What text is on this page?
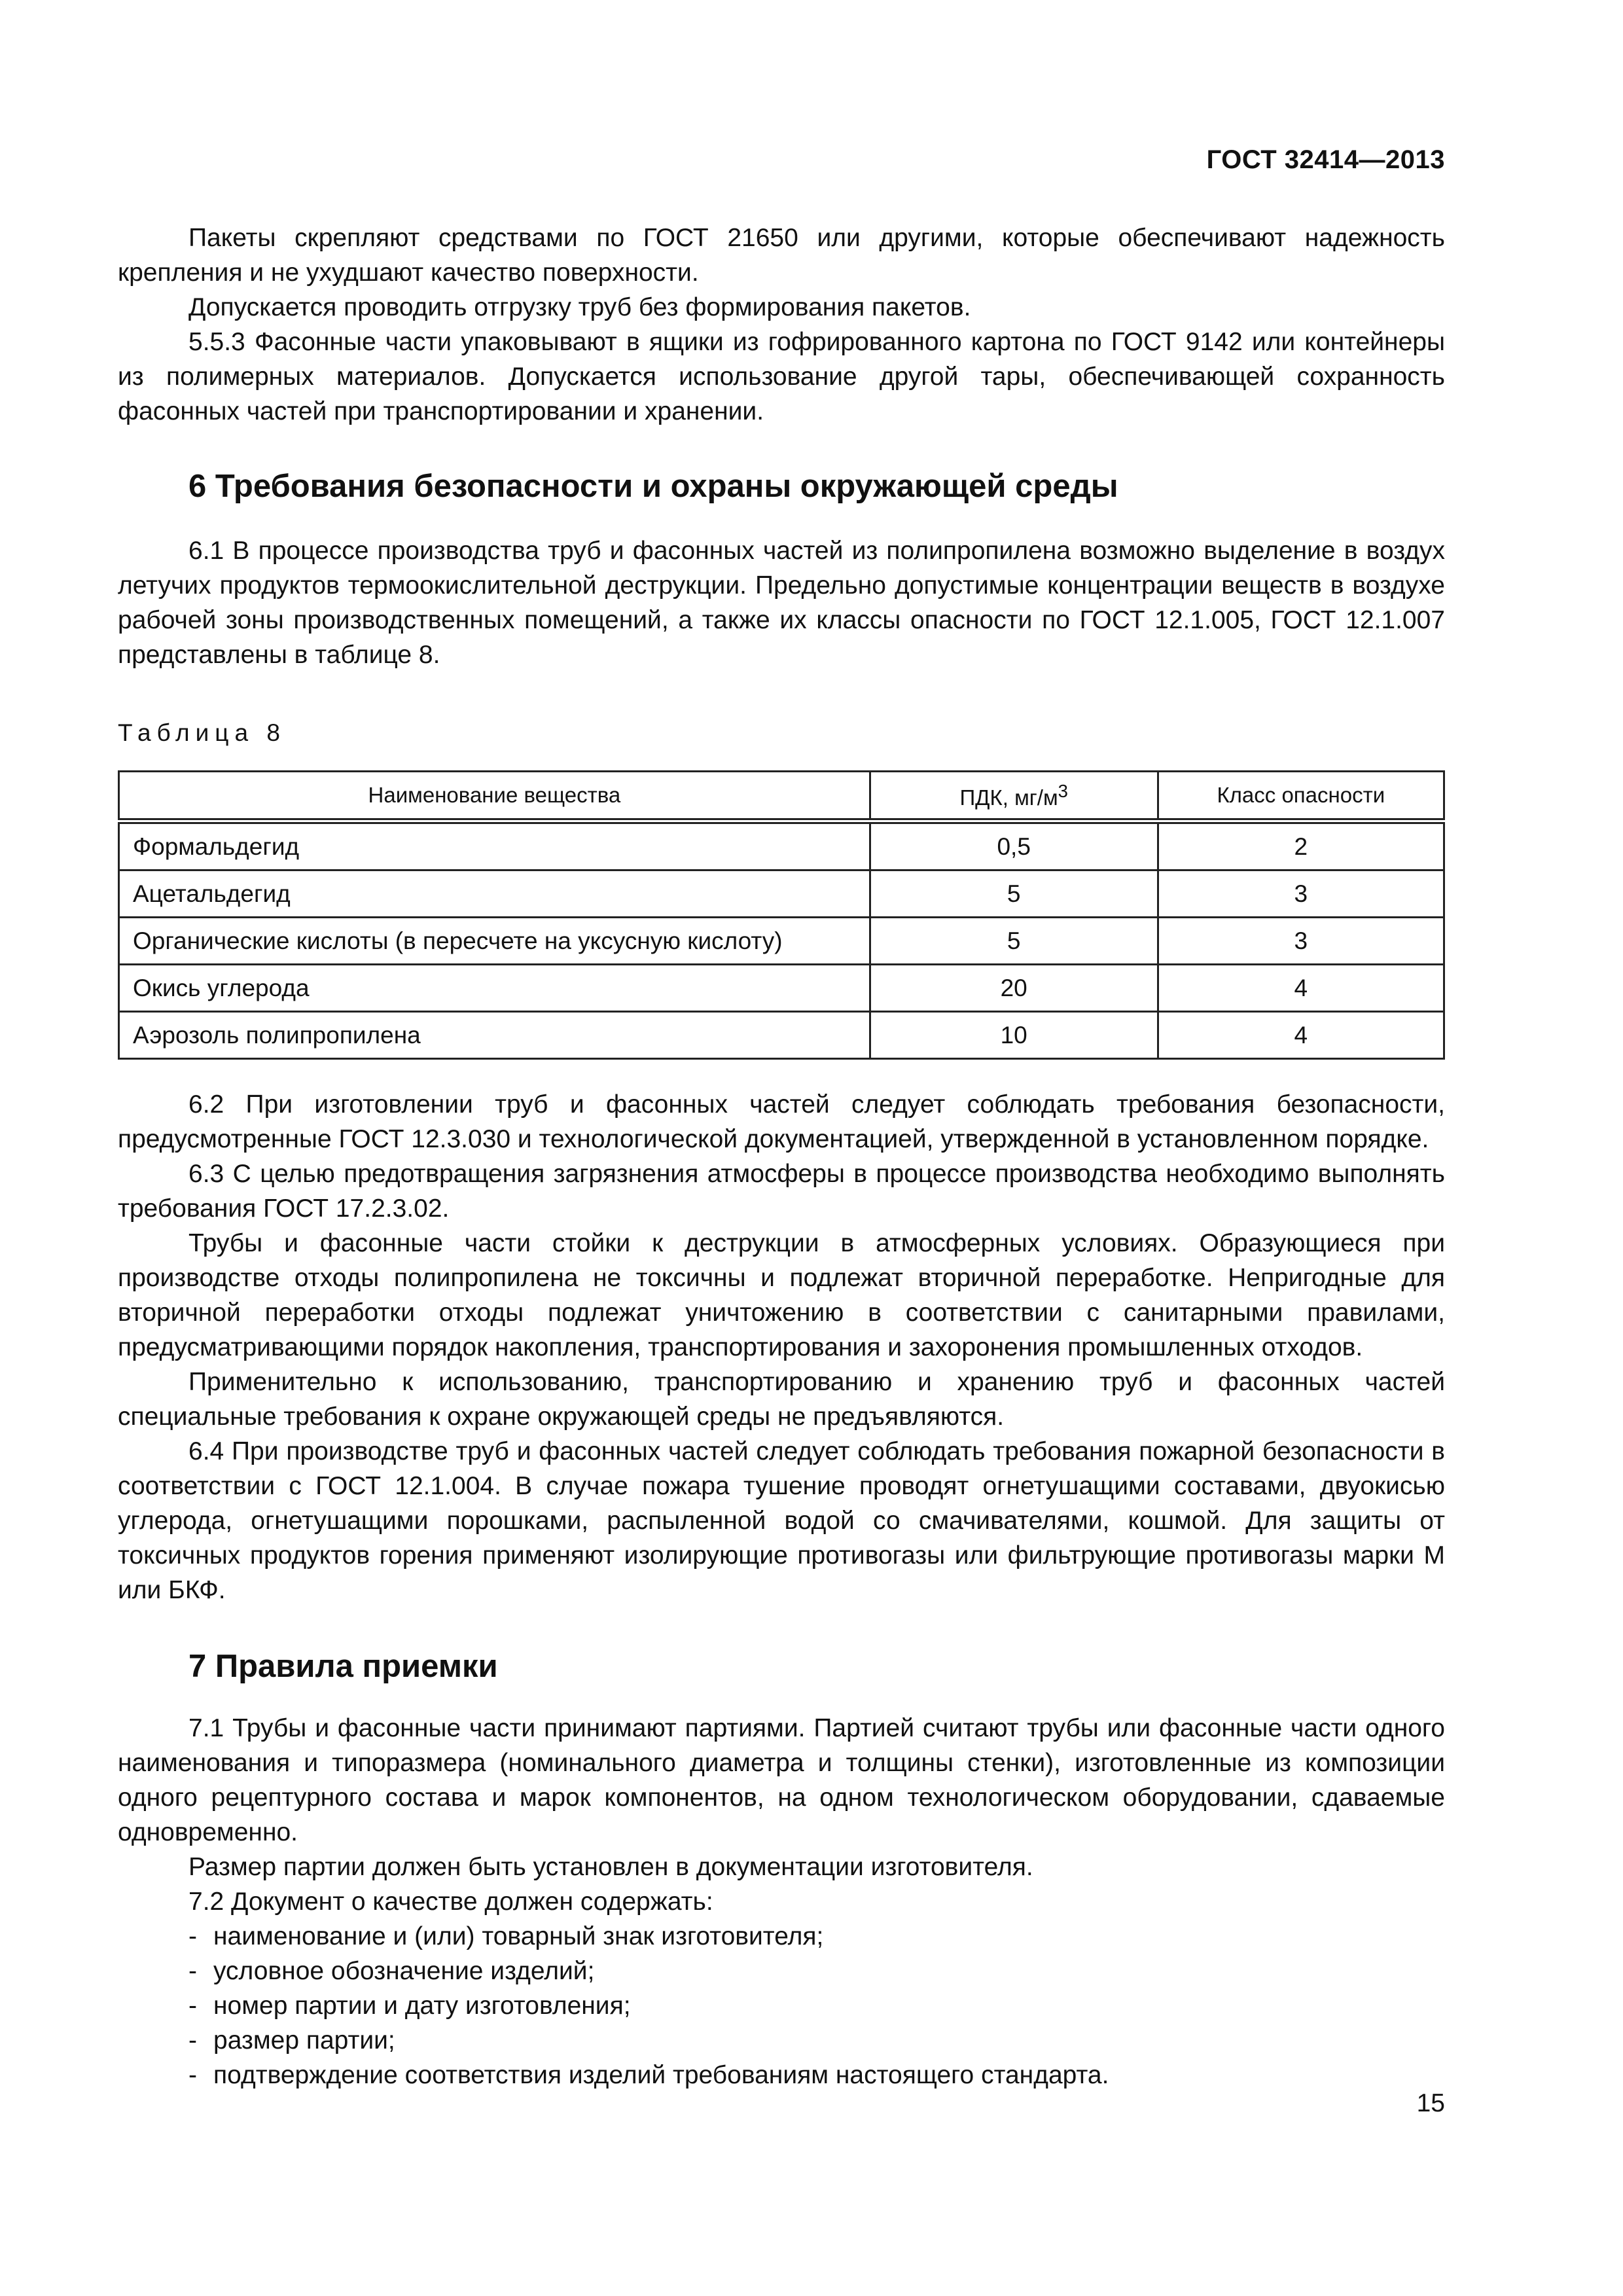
ГОСТ 32414—2013

Пакеты скрепляют средствами по ГОСТ 21650 или другими, которые обеспечивают надежность крепления и не ухудшают качество поверхности.

Допускается проводить отгрузку труб без формирования пакетов.

5.5.3 Фасонные части упаковывают в ящики из гофрированного картона по ГОСТ 9142 или контейнеры из полимерных материалов. Допускается использование другой тары, обеспечивающей сохранность фасонных частей при транспортировании и хранении.

6 Требования безопасности и охраны окружающей среды

6.1 В процессе производства труб и фасонных частей из полипропилена возможно выделение в воздух летучих продуктов термоокислительной деструкции. Предельно допустимые концентрации веществ в воздухе рабочей зоны производственных помещений, а также их классы опасности по ГОСТ 12.1.005, ГОСТ 12.1.007 представлены в таблице 8.

Таблица 8

Наименование вещества	ПДК, $мг/м^3$	Класс опасности
Формальдегид	0,5	2
Ацетальдегид	5	3
Органические кислоты (в пересчете на уксусную кислоту)	5	3
Окись углерода	20	4
Аэрозоль полипропилена	10	4

6.2 При изготовлении труб и фасонных частей следует соблюдать требования безопасности, предусмотренные ГОСТ 12.3.030 и технологической документацией, утвержденной в установленном порядке.

6.3 С целью предотвращения загрязнения атмосферы в процессе производства необходимо выполнять требования ГОСТ 17.2.3.02.

Трубы и фасонные части стойки к деструкции в атмосферных условиях. Образующиеся при производстве отходы полипропилена не токсичны и подлежат вторичной переработке. Непригодные для вторичной переработки отходы подлежат уничтожению в соответствии с санитарными правилами, предусматривающими порядок накопления, транспортирования и захоронения промышленных отходов.

Применительно к использованию, транспортированию и хранению труб и фасонных частей специальные требования к охране окружающей среды не предъявляются.

6.4 При производстве труб и фасонных частей следует соблюдать требования пожарной безопасности в соответствии с ГОСТ 12.1.004. В случае пожара тушение проводят огнетушащими составами, двуокисью углерода, огнетушащими порошками, распыленной водой со смачивателями, кошмой. Для защиты от токсичных продуктов горения применяют изолирующие противогазы или фильтрующие противогазы марки М или БКФ.

7 Правила приемки

7.1 Трубы и фасонные части принимают партиями. Партией считают трубы или фасонные части одного наименования и типоразмера (номинального диаметра и толщины стенки), изготовленные из композиции одного рецептурного состава и марок компонентов, на одном технологическом оборудовании, сдаваемые одновременно.

Размер партии должен быть установлен в документации изготовителя.

7.2 Документ о качестве должен содержать:

- наименование и (или) товарный знак изготовителя;
- условное обозначение изделий;
- номер партии и дату изготовления;
- размер партии;
- подтверждение соответствия изделий требованиям настоящего стандарта.
15
